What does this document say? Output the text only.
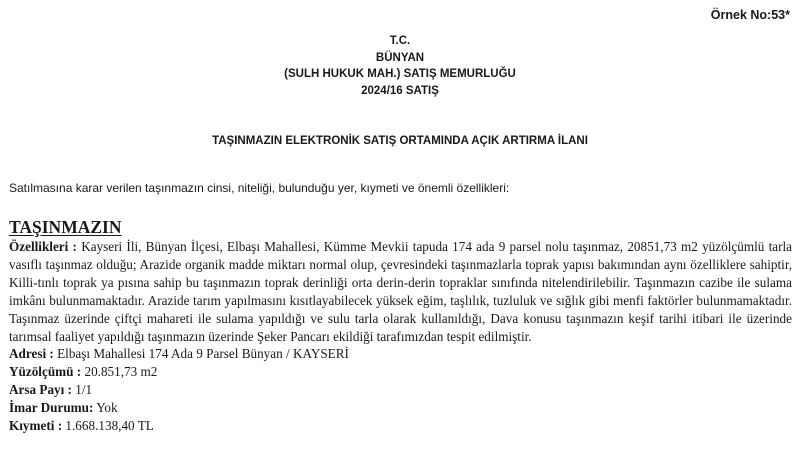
Örnek No:53*
T.C.
BÜNYAN
(SULH HUKUK MAH.) SATIŞ MEMURLUĞU
2024/16 SATIŞ
TAŞINMAZIN ELEKTRONİK SATIŞ ORTAMINDA AÇIK ARTIRMA İLANI
Satılmasına karar verilen taşınmazın cinsi, niteliği, bulunduğu yer, kıymeti ve önemli özellikleri:
TAŞINMAZIN

Özellikleri : Kayseri İli, Bünyan İlçesi, Elbaşı Mahallesi, Kümme Mevkii tapuda 174 ada 9 parsel nolu taşınmaz, 20851,73 m2 yüzölçümlü tarla vasıflı taşınmaz olduğu; Arazide organik madde miktarı normal olup, çevresindeki taşınmazlarla toprak yapısı bakımından aynı özelliklere sahiptir, Killi-tınlı toprak ya pısına sahip bu taşınmazın toprak derinliği orta derin-derin topraklar sınıfında nitelendirilebilir. Taşınmazın cazibe ile sulama imkânı bulunmamaktadır. Arazide tarım yapılmasını kısıtlayabilecek yüksek eğim, taşlılık, tuzluluk ve sığlık gibi menfi faktörler bulunmamaktadır. Taşınmaz üzerinde çiftçi mahareti ile sulama yapıldığı ve sulu tarla olarak kullanıldığı, Dava konusu taşınmazın keşif tarihi itibari ile üzerinde tarımsal faaliyet yapıldığı taşınmazın üzerinde Şeker Pancarı ekildiği tarafımızdan tespit edilmiştir.

Adresi : Elbaşı Mahallesi 174 Ada 9 Parsel Bünyan / KAYSERİ

Yüzölçümü : 20.851,73 m2

Arsa Payı : 1/1

İmar Durumu: Yok

Kıymeti : 1.668.138,40 TL
